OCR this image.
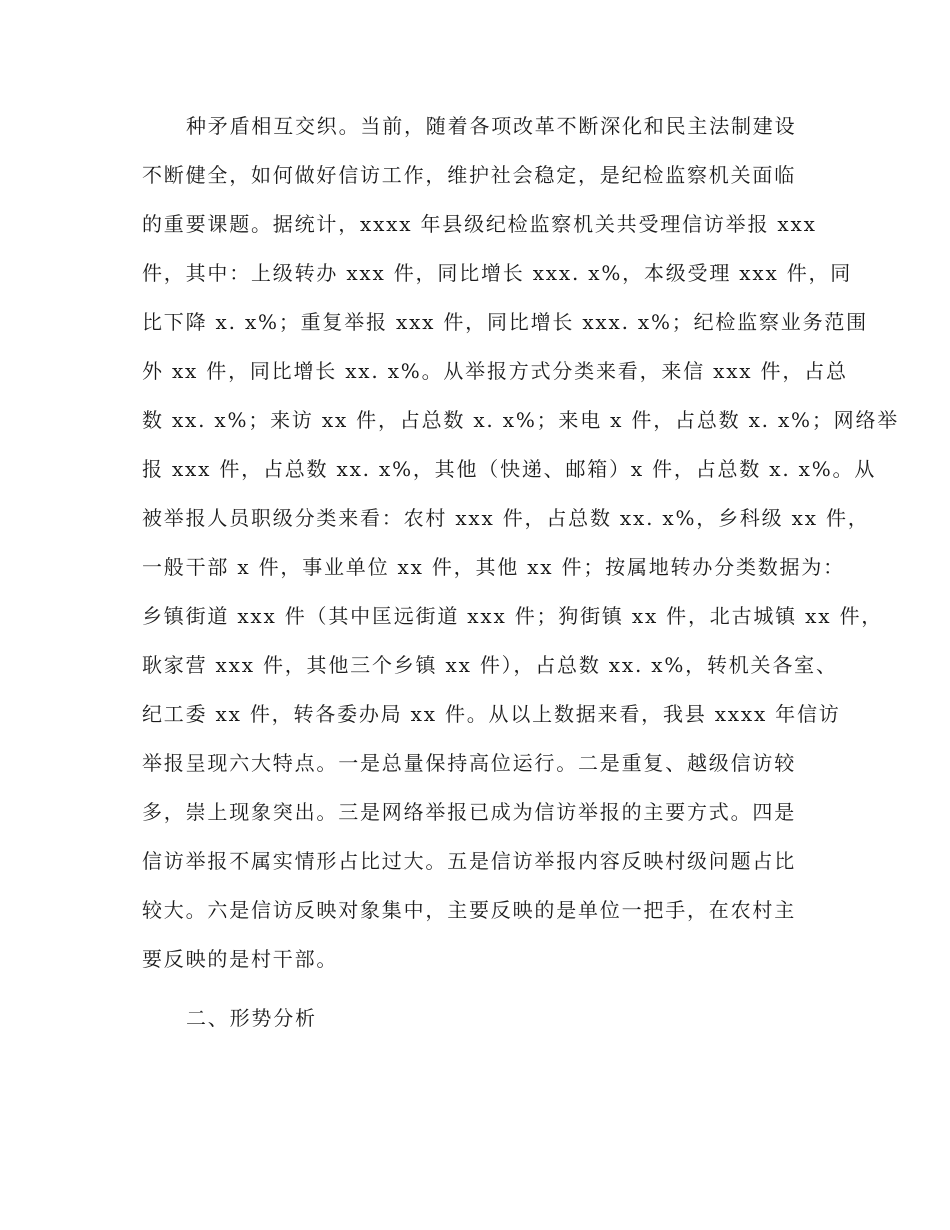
种矛盾相互交织。当前，随着各项改革不断深化和民主法制建设
不断健全，如何做好信访工作，维护社会稳定，是纪检监察机关面临
的重要课题。据统计，xxxx 年县级纪检监察机关共受理信访举报 xxx
件，其中：上级转办 xxx 件，同比增长 xxx. x%，本级受理 xxx 件，同
比下降 x. x%；重复举报 xxx 件，同比增长 xxx. x%；纪检监察业务范围
外 xx 件，同比增长 xx. x%。从举报方式分类来看，来信 xxx 件，占总
数 xx. x%；来访 xx 件，占总数 x. x%；来电 x 件，占总数 x. x%；网络举
报 xxx 件，占总数 xx. x%，其他（快递、邮箱）x 件，占总数 x. x%。从
被举报人员职级分类来看：农村 xxx 件，占总数 xx. x%，乡科级 xx 件，
一般干部 x 件，事业单位 xx 件，其他 xx 件；按属地转办分类数据为：
乡镇街道 xxx 件（其中匡远街道 xxx 件；狗街镇 xx 件，北古城镇 xx 件，
耿家营 xxx 件，其他三个乡镇 xx 件），占总数 xx. x%，转机关各室、
纪工委 xx 件，转各委办局 xx 件。从以上数据来看，我县 xxxx 年信访
举报呈现六大特点。一是总量保持高位运行。二是重复、越级信访较
多，崇上现象突出。三是网络举报已成为信访举报的主要方式。四是
信访举报不属实情形占比过大。五是信访举报内容反映村级问题占比
较大。六是信访反映对象集中，主要反映的是单位一把手，在农村主
要反映的是村干部。
二、形势分析
